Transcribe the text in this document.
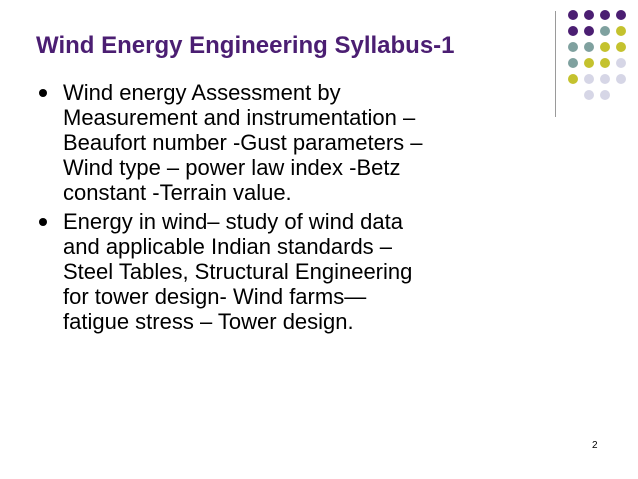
Wind Energy Engineering Syllabus-1
Wind energy Assessment by
Measurement and instrumentation –
Beaufort number -Gust parameters –
Wind type – power law index -Betz
constant -Terrain value.
Energy in wind– study of wind data
and applicable Indian standards –
Steel Tables, Structural Engineering
for tower design- Wind farms—
fatigue stress – Tower design.
2
